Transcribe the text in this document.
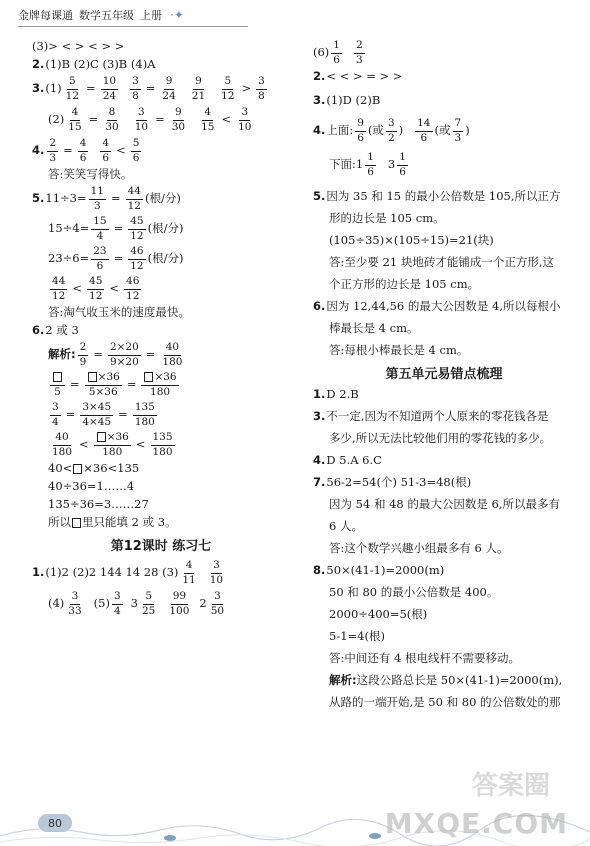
金牌每课通 数学五年级 上册 ·✦
(3)> < > < > >
2. (1)B (2)C (3)B (4)A
3. $(1) \frac{5}{12} = \frac{10}{24} \frac{3}{8} = \frac{9}{24} \frac{9}{21} \frac{5}{12} > \frac{3}{8}$
$(2) \frac{4}{15} = \frac{8}{30} \frac{3}{10} = \frac{9}{30} \frac{4}{15} < \frac{3}{10}$
4. $\frac{2}{3} = \frac{4}{6} \frac{4}{6} < \frac{5}{6}$
答:笑笑写得快。
5. $11\div 3= \frac{11}{3} = \frac{44}{12}$ (根/分)
$15\div 4= \frac{15}{4} = \frac{45}{12}$ (根/分)
$23\div 6= \frac{23}{6} = \frac{46}{12}$ (根/分)
$\frac{44}{12} < \frac{45}{12} < \frac{46}{12}$
答:淘气收玉米的速度最快。
6. 2 或 3
解析: $\frac{2}{9} = \frac{2\times 20}{9\times 20} = \frac{40}{180}$
5
= $\frac{\times 36}{5\times 36} = \frac{\times 36}{180}$
$\frac{3}{4} = \frac{3\times 45}{4\times 45} = \frac{135}{180}$
$\frac{40}{180} < \frac{\times 36}{180} < \frac{135}{180}$
40< ×36<135
40÷36=1……4
135÷36=3……27
所以 里只能填 2 或 3。
第12课时 练习七
1. (1)2 (2)2 144 14 28 $(3) \frac{4}{11} \frac{3}{10}$
$(4) \frac{3}{33} (5) \frac{3}{4} 3 \frac{5}{25} \frac{99}{100} 2 \frac{3}{50}$
$(6) \frac{1}{6} \frac{2}{3}$
2. < < > = > >
3. (1)D (2)B
4. 上面: $\frac{9}{6}$ (或 $\frac{3}{2}$ ) $\frac{14}{6}$ (或 $\frac{7}{3}$ )
下面:1 $\frac{1}{6} 3 \frac{1}{6}$
5. 因为 35 和 15 的最小公倍数是 105,所以正方
形的边长是 105 cm。
(105÷35)×(105÷15)=21(块)
答:至少要 21 块地砖才能铺成一个正方形,这
个正方形的边长是 105 cm。
6. 因为 12,44,56 的最大公因数是 4,所以每根小
棒最长是 4 cm。
答:每根小棒最长是 4 cm。
第五单元易错点梳理
1. D 2.B
3. 不一定,因为不知道两个人原来的零花钱各是
多少,所以无法比较他们用的零花钱的多少。
4. D 5.A 6.C
7. 56-2=54(个) 51-3=48(根)
因为 54 和 48 的最大公因数是 6,所以最多有
6 人。
答:这个数学兴趣小组最多有 6 人。
8. 50×(41-1)=2000(m)
50 和 80 的最小公倍数是 400。
2000÷400=5(根)
5-1=4(根)
答:中间还有 4 根电线杆不需要移动。
解析: 这段公路总长是 50×(41-1)=2000(m),
从路的一端开始,是 50 和 80 的公倍数处的那
80
答案圈
MXQE.COM
